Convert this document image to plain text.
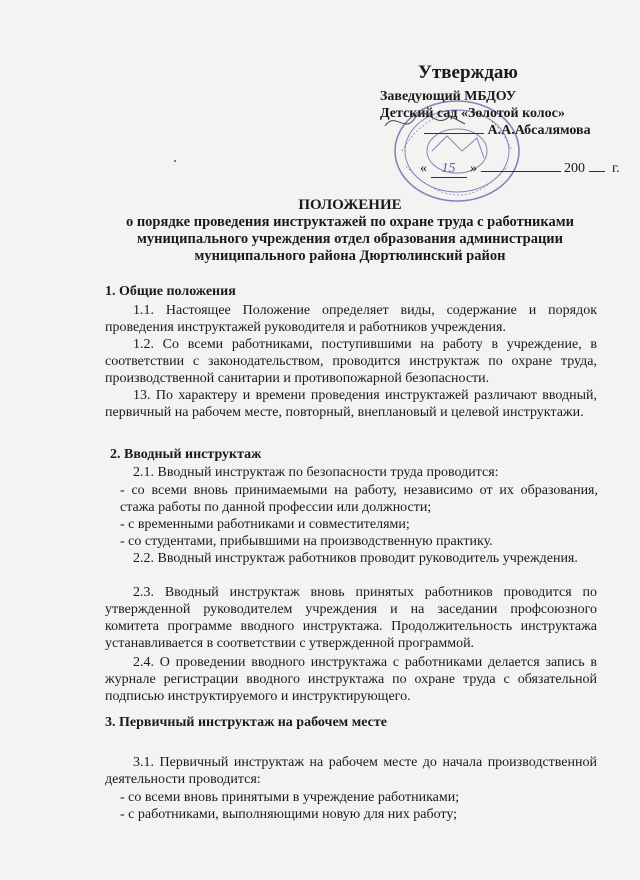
Утверждаю
Заведующий МБДОУ
Детский сад «Золотой колос»
А.А.Абсалямова
« 15 »	200 г.
ПОЛОЖЕНИЕ
о порядке проведения инструктажей по охране труда с работниками
муниципального учреждения отдел образования администрации
муниципального района Дюртюлинский район
1. Общие положения
1.1. Настоящее Положение определяет виды, содержание и порядок проведения инструктажей руководителя и работников учреждения.
1.2. Со всеми работниками, поступившими на работу в учреждение, в соответствии с законодательством, проводится инструктаж по охране труда, производственной санитарии и противопожарной безопасности.
13. По характеру и времени проведения инструктажей различают вводный, первичный на рабочем месте, повторный, внеплановый и целевой инструктажи.
2. Вводный инструктаж
2.1. Вводный инструктаж по безопасности труда проводится:
- со всеми вновь принимаемыми на работу, независимо от их образования, стажа работы по данной профессии или должности;
- с временными работниками и совместителями;
- со студентами, прибывшими на производственную практику.
2.2. Вводный инструктаж работников проводит руководитель учреждения.
2.3. Вводный инструктаж вновь принятых работников проводится по утвержденной руководителем учреждения и на заседании профсоюзного комитета программе вводного инструктажа. Продолжительность инструктажа устанавливается в соответствии с утвержденной программой.
2.4. О проведении вводного инструктажа с работниками делается запись в журнале регистрации вводного инструктажа по охране труда с обязательной подписью инструктируемого и инструктирующего.
3. Первичный инструктаж на рабочем месте
3.1. Первичный инструктаж на рабочем месте до начала производственной деятельности проводится:
- со всеми вновь принятыми в учреждение работниками;
- с работниками, выполняющими новую для них работу;
